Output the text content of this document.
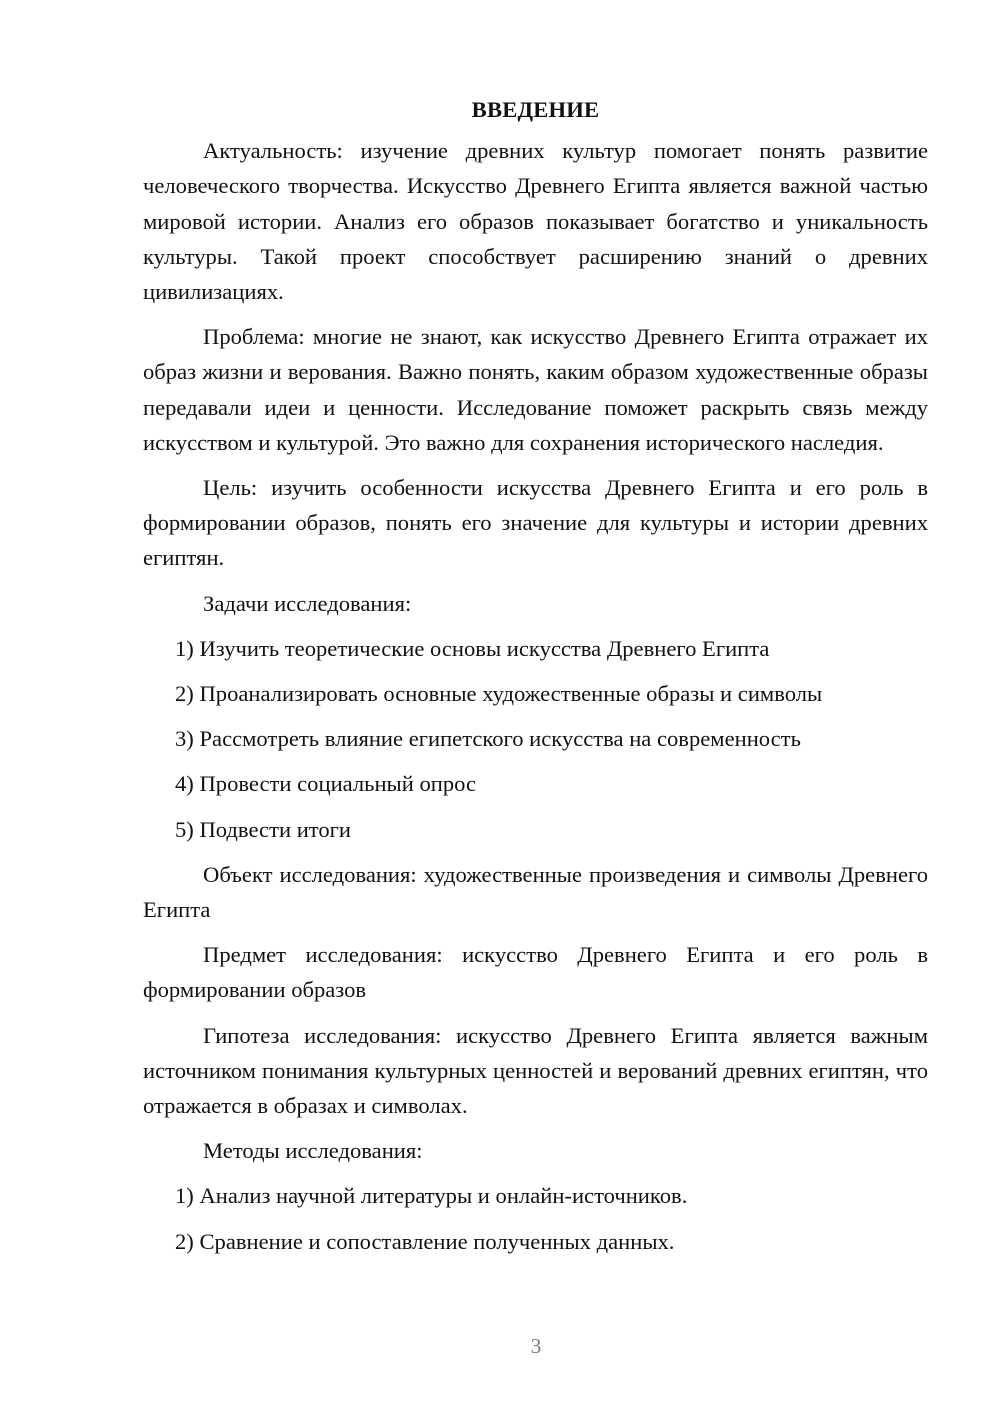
ВВЕДЕНИЕ

Актуальность: изучение древних культур помогает понять развитие человеческого творчества. Искусство Древнего Египта является важной частью мировой истории. Анализ его образов показывает богатство и уникальность культуры. Такой проект способствует расширению знаний о древних цивилизациях.

Проблема: многие не знают, как искусство Древнего Египта отражает их образ жизни и верования. Важно понять, каким образом художественные образы передавали идеи и ценности. Исследование поможет раскрыть связь между искусством и культурой. Это важно для сохранения исторического наследия.

Цель: изучить особенности искусства Древнего Египта и его роль в формировании образов, понять его значение для культуры и истории древних египтян.

Задачи исследования:

1) Изучить теоретические основы искусства Древнего Египта

2) Проанализировать основные художественные образы и символы

3) Рассмотреть влияние египетского искусства на современность

4) Провести социальный опрос

5) Подвести итоги

Объект исследования: художественные произведения и символы Древнего Египта

Предмет исследования: искусство Древнего Египта и его роль в формировании образов

Гипотеза исследования: искусство Древнего Египта является важным источником понимания культурных ценностей и верований древних египтян, что отражается в образах и символах.

Методы исследования:

1) Анализ научной литературы и онлайн-источников.

2) Сравнение и сопоставление полученных данных.

3
